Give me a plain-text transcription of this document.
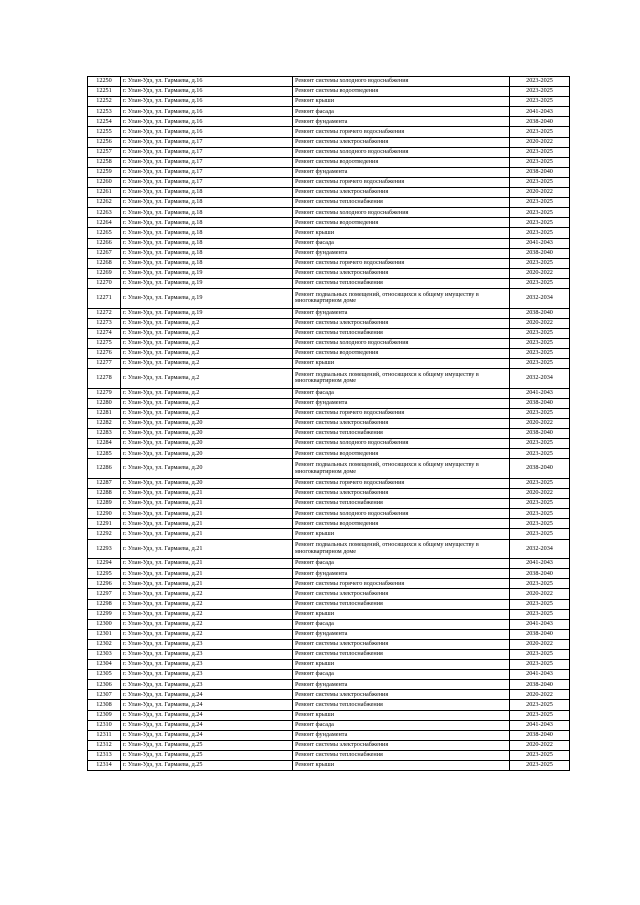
12250	г. Улан-Удэ, ул. Гармаева, д.16	Ремонт системы холодного водоснабжения	2023-2025
12251	г. Улан-Удэ, ул. Гармаева, д.16	Ремонт системы водоотведения	2023-2025
12252	г. Улан-Удэ, ул. Гармаева, д.16	Ремонт крыши	2023-2025
12253	г. Улан-Удэ, ул. Гармаева, д.16	Ремонт фасада	2041-2043
12254	г. Улан-Удэ, ул. Гармаева, д.16	Ремонт фундамента	2038-2040
12255	г. Улан-Удэ, ул. Гармаева, д.16	Ремонт системы горячего водоснабжения	2023-2025
12256	г. Улан-Удэ, ул. Гармаева, д.17	Ремонт системы электроснабжения	2020-2022
12257	г. Улан-Удэ, ул. Гармаева, д.17	Ремонт системы холодного водоснабжения	2023-2025
12258	г. Улан-Удэ, ул. Гармаева, д.17	Ремонт системы водоотведения	2023-2025
12259	г. Улан-Удэ, ул. Гармаева, д.17	Ремонт фундамента	2038-2040
12260	г. Улан-Удэ, ул. Гармаева, д.17	Ремонт системы горячего водоснабжения	2023-2025
12261	г. Улан-Удэ, ул. Гармаева, д.18	Ремонт системы электроснабжения	2020-2022
12262	г. Улан-Удэ, ул. Гармаева, д.18	Ремонт системы теплоснабжения	2023-2025
12263	г. Улан-Удэ, ул. Гармаева, д.18	Ремонт системы холодного водоснабжения	2023-2025
12264	г. Улан-Удэ, ул. Гармаева, д.18	Ремонт системы водоотведения	2023-2025
12265	г. Улан-Удэ, ул. Гармаева, д.18	Ремонт крыши	2023-2025
12266	г. Улан-Удэ, ул. Гармаева, д.18	Ремонт фасада	2041-2043
12267	г. Улан-Удэ, ул. Гармаева, д.18	Ремонт фундамента	2038-2040
12268	г. Улан-Удэ, ул. Гармаева, д.18	Ремонт системы горячего водоснабжения	2023-2025
12269	г. Улан-Удэ, ул. Гармаева, д.19	Ремонт системы электроснабжения	2020-2022
12270	г. Улан-Удэ, ул. Гармаева, д.19	Ремонт системы теплоснабжения	2023-2025
12271	г. Улан-Удэ, ул. Гармаева, д.19	Ремонт подвальных помещений, относящихся к общему имуществу в многоквартирном доме	2032-2034
12272	г. Улан-Удэ, ул. Гармаева, д.19	Ремонт фундамента	2038-2040
12273	г. Улан-Удэ, ул. Гармаева, д.2	Ремонт системы электроснабжения	2020-2022
12274	г. Улан-Удэ, ул. Гармаева, д.2	Ремонт системы теплоснабжения	2023-2025
12275	г. Улан-Удэ, ул. Гармаева, д.2	Ремонт системы холодного водоснабжения	2023-2025
12276	г. Улан-Удэ, ул. Гармаева, д.2	Ремонт системы водоотведения	2023-2025
12277	г. Улан-Удэ, ул. Гармаева, д.2	Ремонт крыши	2023-2025
12278	г. Улан-Удэ, ул. Гармаева, д.2	Ремонт подвальных помещений, относящихся к общему имуществу в многоквартирном доме	2032-2034
12279	г. Улан-Удэ, ул. Гармаева, д.2	Ремонт фасада	2041-2043
12280	г. Улан-Удэ, ул. Гармаева, д.2	Ремонт фундамента	2038-2040
12281	г. Улан-Удэ, ул. Гармаева, д.2	Ремонт системы горячего водоснабжения	2023-2025
12282	г. Улан-Удэ, ул. Гармаева, д.20	Ремонт системы электроснабжения	2020-2022
12283	г. Улан-Удэ, ул. Гармаева, д.20	Ремонт системы теплоснабжения	2038-2040
12284	г. Улан-Удэ, ул. Гармаева, д.20	Ремонт системы холодного водоснабжения	2023-2025
12285	г. Улан-Удэ, ул. Гармаева, д.20	Ремонт системы водоотведения	2023-2025
12286	г. Улан-Удэ, ул. Гармаева, д.20	Ремонт подвальных помещений, относящихся к общему имуществу в многоквартирном доме	2038-2040
12287	г. Улан-Удэ, ул. Гармаева, д.20	Ремонт системы горячего водоснабжения	2023-2025
12288	г. Улан-Удэ, ул. Гармаева, д.21	Ремонт системы электроснабжения	2020-2022
12289	г. Улан-Удэ, ул. Гармаева, д.21	Ремонт системы теплоснабжения	2023-2025
12290	г. Улан-Удэ, ул. Гармаева, д.21	Ремонт системы холодного водоснабжения	2023-2025
12291	г. Улан-Удэ, ул. Гармаева, д.21	Ремонт системы водоотведения	2023-2025
12292	г. Улан-Удэ, ул. Гармаева, д.21	Ремонт крыши	2023-2025
12293	г. Улан-Удэ, ул. Гармаева, д.21	Ремонт подвальных помещений, относящихся к общему имуществу в многоквартирном доме	2032-2034
12294	г. Улан-Удэ, ул. Гармаева, д.21	Ремонт фасада	2041-2043
12295	г. Улан-Удэ, ул. Гармаева, д.21	Ремонт фундамента	2038-2040
12296	г. Улан-Удэ, ул. Гармаева, д.21	Ремонт системы горячего водоснабжения	2023-2025
12297	г. Улан-Удэ, ул. Гармаева, д.22	Ремонт системы электроснабжения	2020-2022
12298	г. Улан-Удэ, ул. Гармаева, д.22	Ремонт системы теплоснабжения	2023-2025
12299	г. Улан-Удэ, ул. Гармаева, д.22	Ремонт крыши	2023-2025
12300	г. Улан-Удэ, ул. Гармаева, д.22	Ремонт фасада	2041-2043
12301	г. Улан-Удэ, ул. Гармаева, д.22	Ремонт фундамента	2038-2040
12302	г. Улан-Удэ, ул. Гармаева, д.23	Ремонт системы электроснабжения	2020-2022
12303	г. Улан-Удэ, ул. Гармаева, д.23	Ремонт системы теплоснабжения	2023-2025
12304	г. Улан-Удэ, ул. Гармаева, д.23	Ремонт крыши	2023-2025
12305	г. Улан-Удэ, ул. Гармаева, д.23	Ремонт фасада	2041-2043
12306	г. Улан-Удэ, ул. Гармаева, д.23	Ремонт фундамента	2038-2040
12307	г. Улан-Удэ, ул. Гармаева, д.24	Ремонт системы электроснабжения	2020-2022
12308	г. Улан-Удэ, ул. Гармаева, д.24	Ремонт системы теплоснабжения	2023-2025
12309	г. Улан-Удэ, ул. Гармаева, д.24	Ремонт крыши	2023-2025
12310	г. Улан-Удэ, ул. Гармаева, д.24	Ремонт фасада	2041-2043
12311	г. Улан-Удэ, ул. Гармаева, д.24	Ремонт фундамента	2038-2040
12312	г. Улан-Удэ, ул. Гармаева, д.25	Ремонт системы электроснабжения	2020-2022
12313	г. Улан-Удэ, ул. Гармаева, д.25	Ремонт системы теплоснабжения	2023-2025
12314	г. Улан-Удэ, ул. Гармаева, д.25	Ремонт крыши	2023-2025
